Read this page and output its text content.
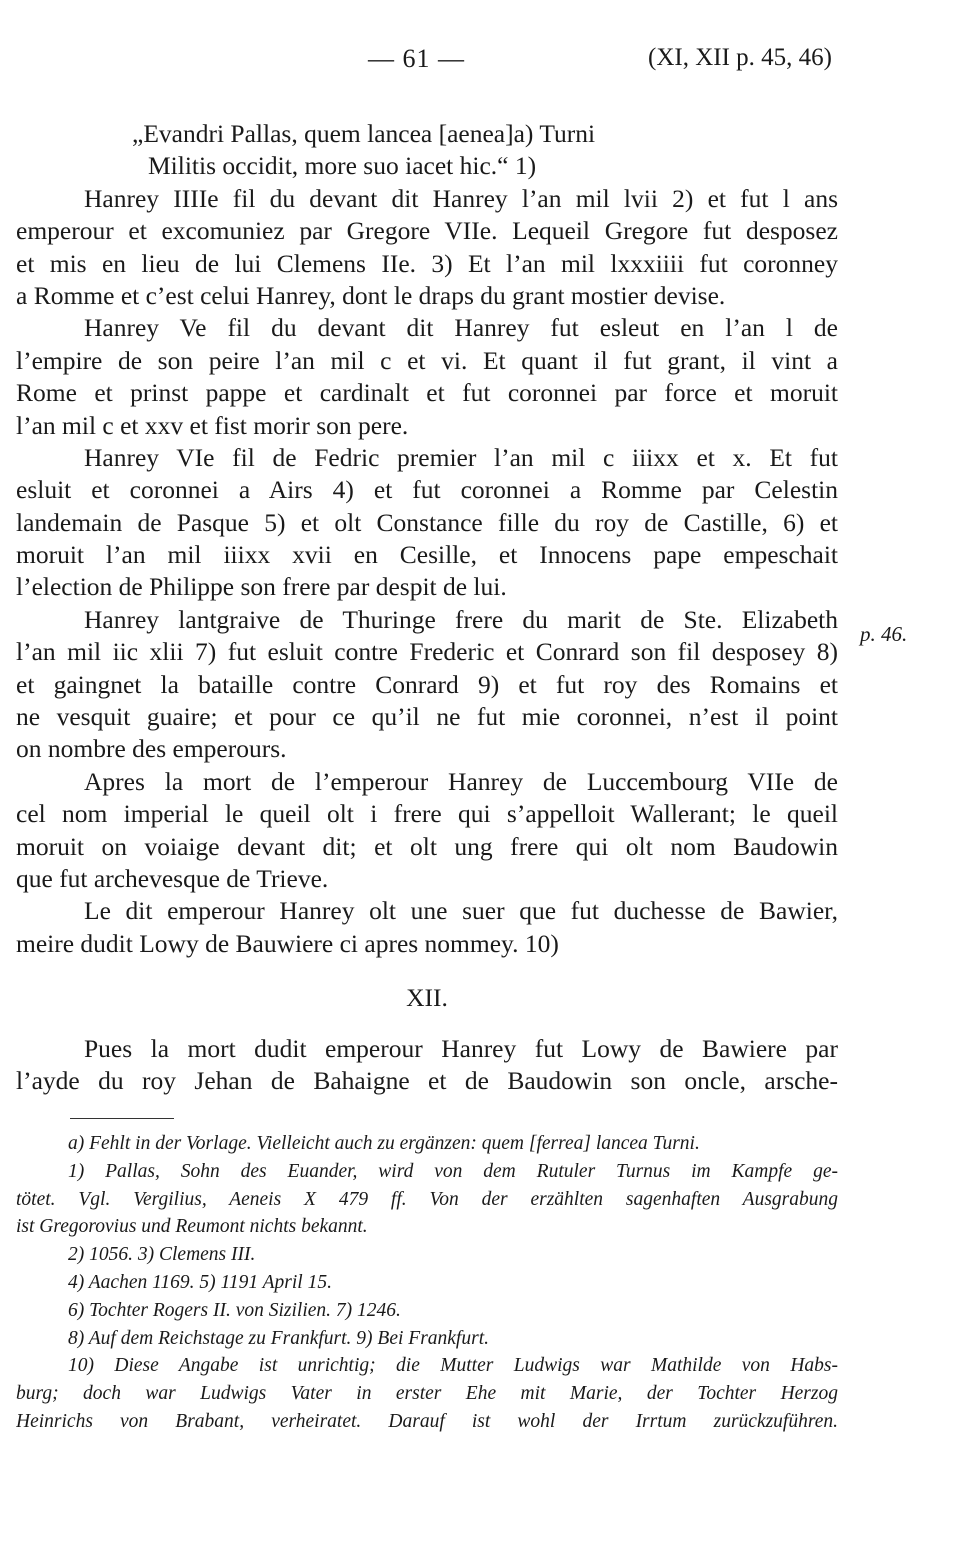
— 61 —	(XI, XII p. 45, 46)
p. 46.
„Evandri Pallas, quem lancea [aenea]a) Turni
Militis occidit, more suo iacet hic.“ 1)
Hanrey IIIIe fil du devant dit Hanrey l’an mil lvii 2) et fut l ans
emperour et excomuniez par Gregore VIIe. Lequeil Gregore fut desposez
et mis en lieu de lui Clemens IIe. 3) Et l’an mil lxxxiiii fut coronney
a Romme et c’est celui Hanrey, dont le draps du grant mostier devise.
Hanrey Ve fil du devant dit Hanrey fut esleut en l’an l de
l’empire de son peire l’an mil c et vi. Et quant il fut grant, il vint a
Rome et prinst pappe et cardinalt et fut coronnei par force et moruit
l’an mil c et xxv et fist morir son pere.
Hanrey VIe fil de Fedric premier l’an mil c iiixx et x. Et fut
esluit et coronnei a Airs 4) et fut coronnei a Romme par Celestin
landemain de Pasque 5) et olt Constance fille du roy de Castille, 6) et
moruit l’an mil iiixx xvii en Cesille, et Innocens pape empeschait
l’election de Philippe son frere par despit de lui.
Hanrey lantgraive de Thuringe frere du marit de Ste. Elizabeth
l’an mil iic xlii 7) fut esluit contre Frederic et Conrard son fil desposey 8)
et gaingnet la bataille contre Conrard 9) et fut roy des Romains et
ne vesquit guaire; et pour ce qu’il ne fut mie coronnei, n’est il point
on nombre des emperours.
Apres la mort de l’emperour Hanrey de Luccembourg VIIe de
cel nom imperial le queil olt i frere qui s’appelloit Wallerant; le queil
moruit on voiaige devant dit; et olt ung frere qui olt nom Baudowin
que fut archevesque de Trieve.
Le dit emperour Hanrey olt une suer que fut duchesse de Bawier,
meire dudit Lowy de Bauwiere ci apres nommey. 10)
XII.
Pues la mort dudit emperour Hanrey fut Lowy de Bawiere par
l’ayde du roy Jehan de Bahaigne et de Baudowin son oncle, arsche-
a) Fehlt in der Vorlage. Vielleicht auch zu ergänzen: quem [ferrea] lancea Turni.
1) Pallas, Sohn des Euander, wird von dem Rutuler Turnus im Kampfe ge-
tötet. Vgl. Vergilius, Aeneis X 479 ff. Von der erzählten sagenhaften Ausgrabung
ist Gregorovius und Reumont nichts bekannt.
2) 1056. 3) Clemens III.
4) Aachen 1169. 5) 1191 April 15.
6) Tochter Rogers II. von Sizilien. 7) 1246.
8) Auf dem Reichstage zu Frankfurt. 9) Bei Frankfurt.
10) Diese Angabe ist unrichtig; die Mutter Ludwigs war Mathilde von Habs-
burg; doch war Ludwigs Vater in erster Ehe mit Marie, der Tochter Herzog
Heinrichs von Brabant, verheiratet. Darauf ist wohl der Irrtum zurückzuführen.
